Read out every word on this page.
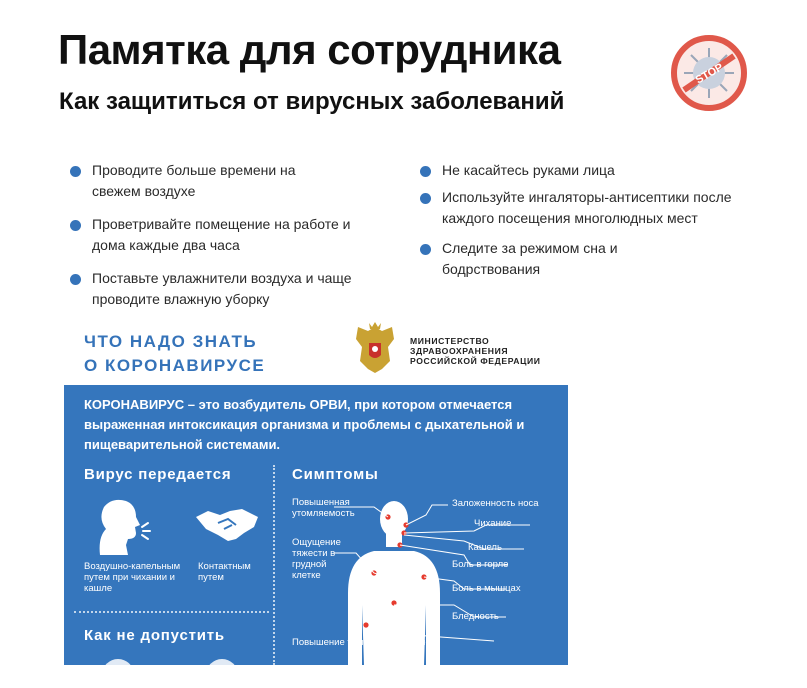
Памятка для сотрудника
Как защититься от вирусных заболеваний
STOP
Проводите больше времени на свежем воздухе
Проветривайте помещение на работе и дома каждые два часа
Поставьте увлажнители воздуха и чаще проводите влажную уборку
Не касайтесь руками лица
Используйте ингаляторы-антисептики после каждого посещения многолюдных мест
Следите за режимом сна и бодрствования
ЧТО НАДО ЗНАТЬ
О КОРОНАВИРУСЕ
МИНИСТЕРСТВО
ЗДРАВООХРАНЕНИЯ
РОССИЙСКОЙ ФЕДЕРАЦИИ
КОРОНАВИРУС – это возбудитель ОРВИ, при котором отмечается выраженная интоксикация организма и проблемы с дыхательной и пищеварительной системами.
Вирус передается	Симптомы
Воздушно-капельным путем при чихании и кашле
Контактным путем
Как не допустить
Повышенная утомляемость
Ощущение тяжести в грудной клетке
Заложенность носа
Чихание
Кашель
Боль в горле
Боль в мышцах
Бледность
Повышение температуры, озноб
